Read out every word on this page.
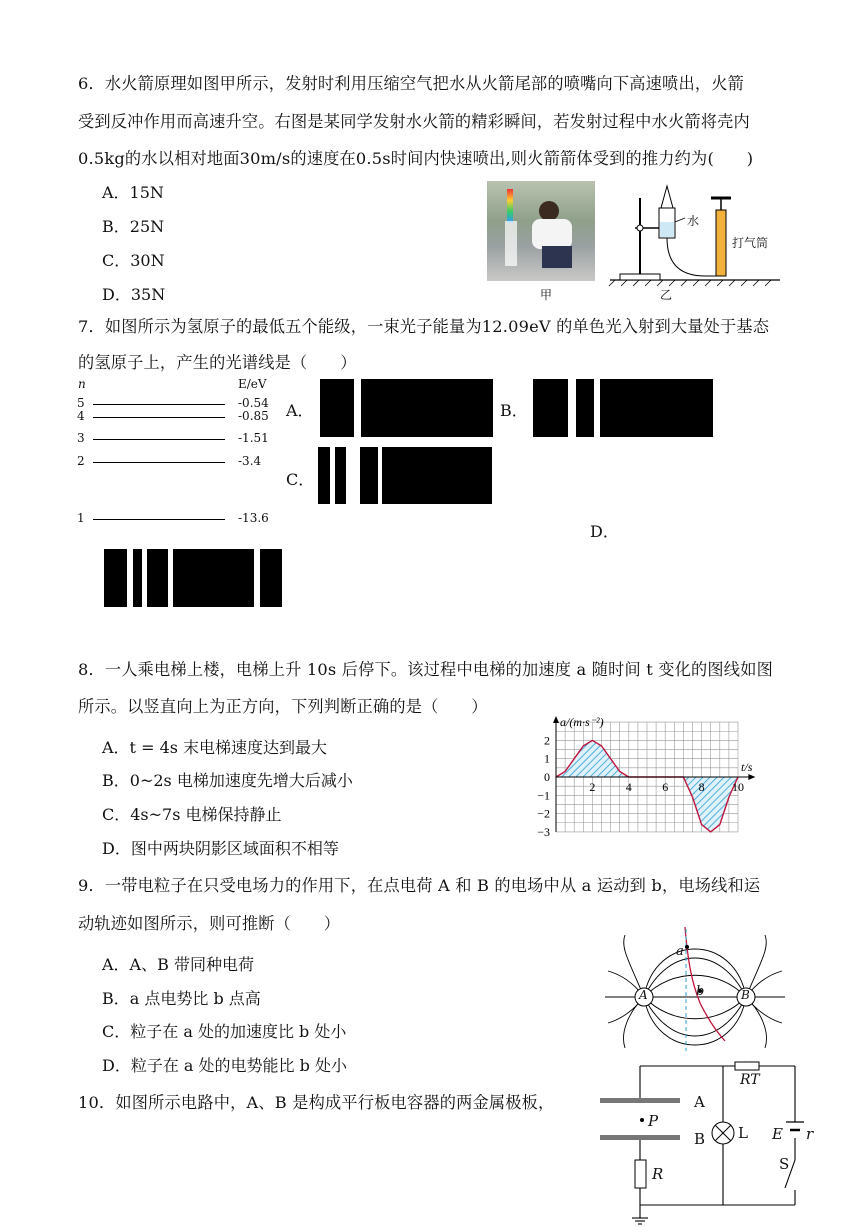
6．水火箭原理如图甲所示，发射时利用压缩空气把水从火箭尾部的喷嘴向下高速喷出，火箭
受到反冲作用而高速升空。右图是某同学发射水火箭的精彩瞬间，若发射过程中水火箭将壳内
0.5kg的水以相对地面30m/s的速度在0.5s时间内快速喷出,则火箭箭体受到的推力约为(　　)
A．15N
B．25N
C．30N
D．35N	甲
水
打气筒
乙
7．如图所示为氢原子的最低五个能级，一束光子能量为12.09eV 的单色光入射到大量处于基态
的氢原子上，产生的光谱线是（　　）
n	E/eV
5	-0.54
4	-0.85
3	-1.51
2	-3.4
1	-13.6
A．	B．
C．
D．
8．一人乘电梯上楼，电梯上升 10s 后停下。该过程中电梯的加速度 a 随时间 t 变化的图线如图
所示。以竖直向上为正方向，下列判断正确的是（　　）
A．t = 4s 末电梯速度达到最大
B．0~2s 电梯加速度先增大后减小
C．4s~7s 电梯保持静止
D．图中两块阴影区域面积不相等
2	4	6	8 10
2
1
0
−1
−2
−3
a/(m·s⁻²)
t/s
9．一带电粒子在只受电场力的作用下，在点电荷 A 和 B 的电场中从 a 运动到 b，电场线和运
动轨迹如图所示，则可推断（　　）
A．A、B 带同种电荷
B．a 点电势比 b 点高
C．粒子在 a 处的加速度比 b 处小
D．粒子在 a 处的电势能比 b 处小
A	B
a
b
10．如图所示电路中，A、B 是构成平行板电容器的两金属极板，	A
B
P
L
R
RT
E r
S
